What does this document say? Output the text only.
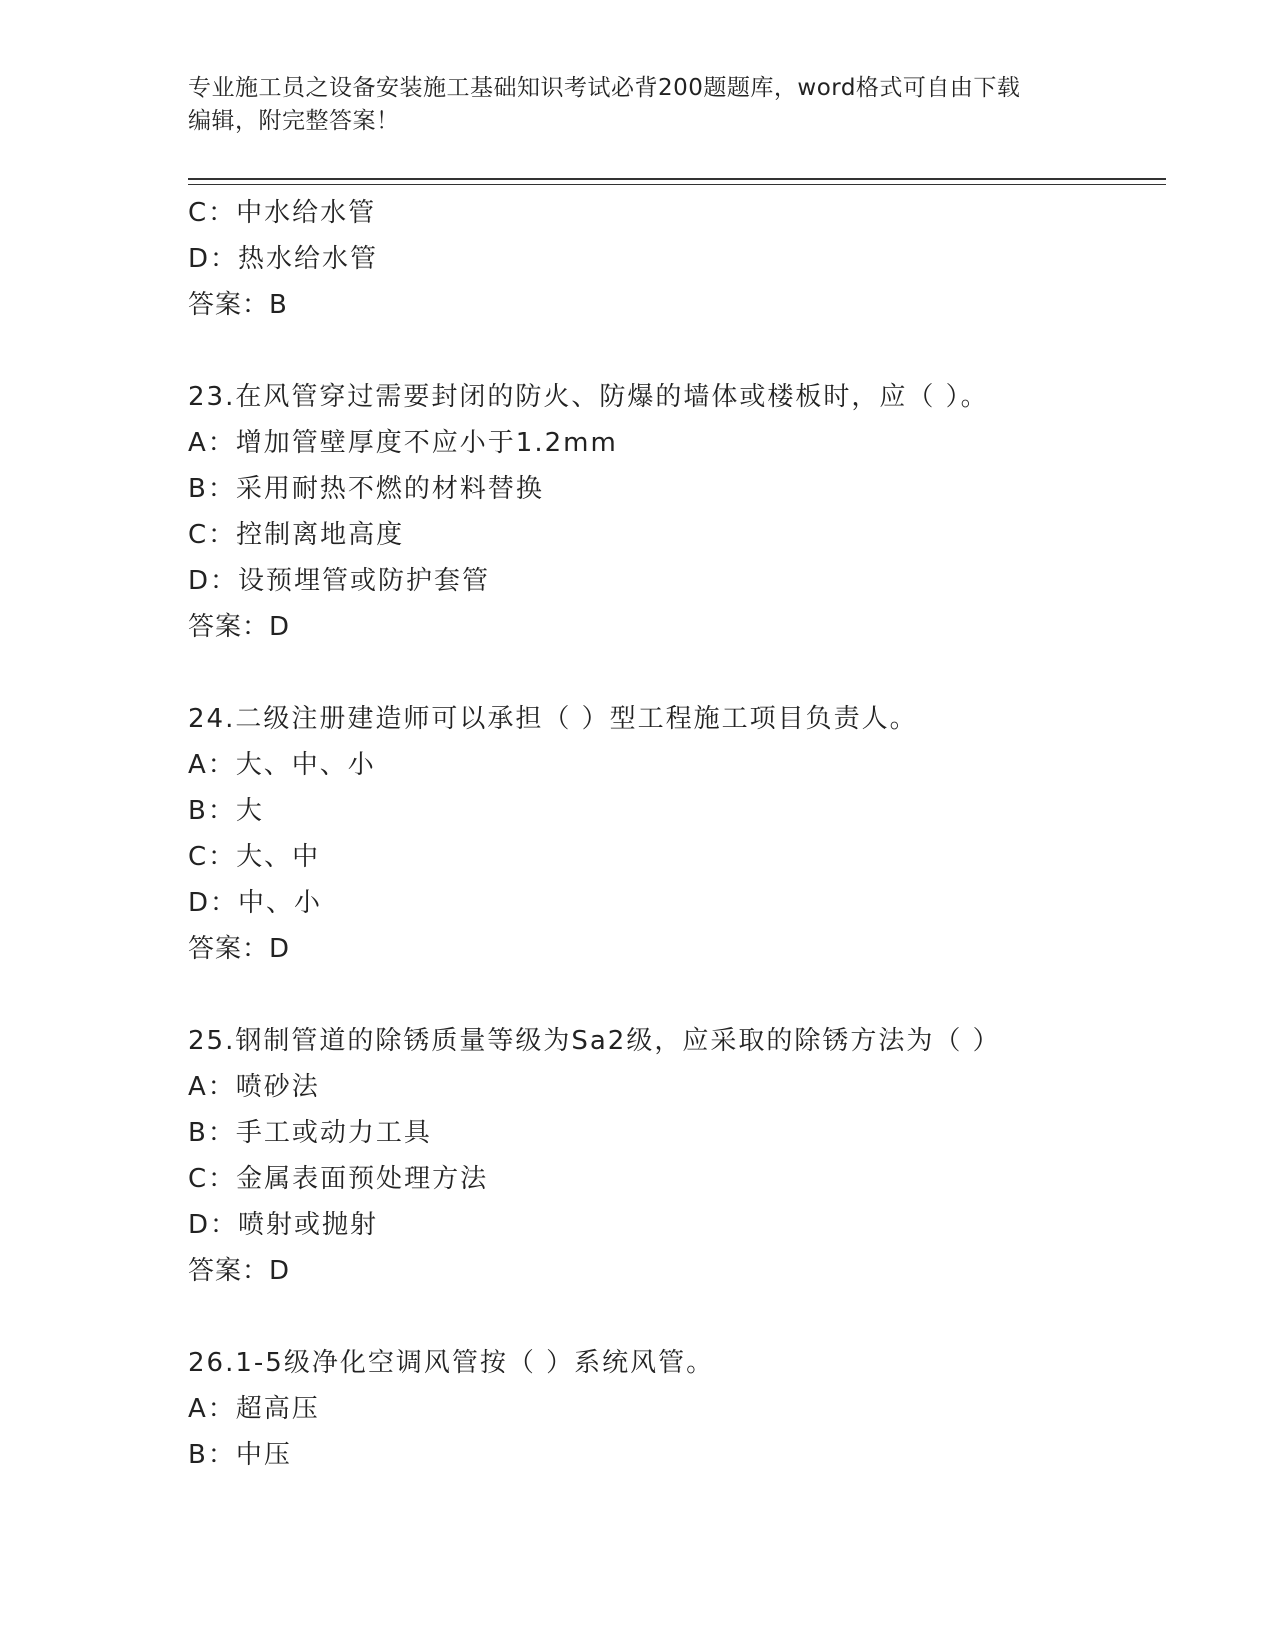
专业施工员之设备安装施工基础知识考试必背200题题库，word格式可自由下载
编辑，附完整答案！
C：中水给水管
D：热水给水管
答案：B
23.在风管穿过需要封闭的防火、防爆的墙体或楼板时，应（ ）。
A：增加管壁厚度不应小于1.2mm
B：采用耐热不燃的材料替换
C：控制离地高度
D：设预埋管或防护套管
答案：D
24.二级注册建造师可以承担（ ）型工程施工项目负责人。
A：大、中、小
B：大
C：大、中
D：中、小
答案：D
25.钢制管道的除锈质量等级为Sa2级，应采取的除锈方法为（ ）
A：喷砂法
B：手工或动力工具
C：金属表面预处理方法
D：喷射或抛射
答案：D
26.1-5级净化空调风管按（ ）系统风管。
A：超高压
B：中压
